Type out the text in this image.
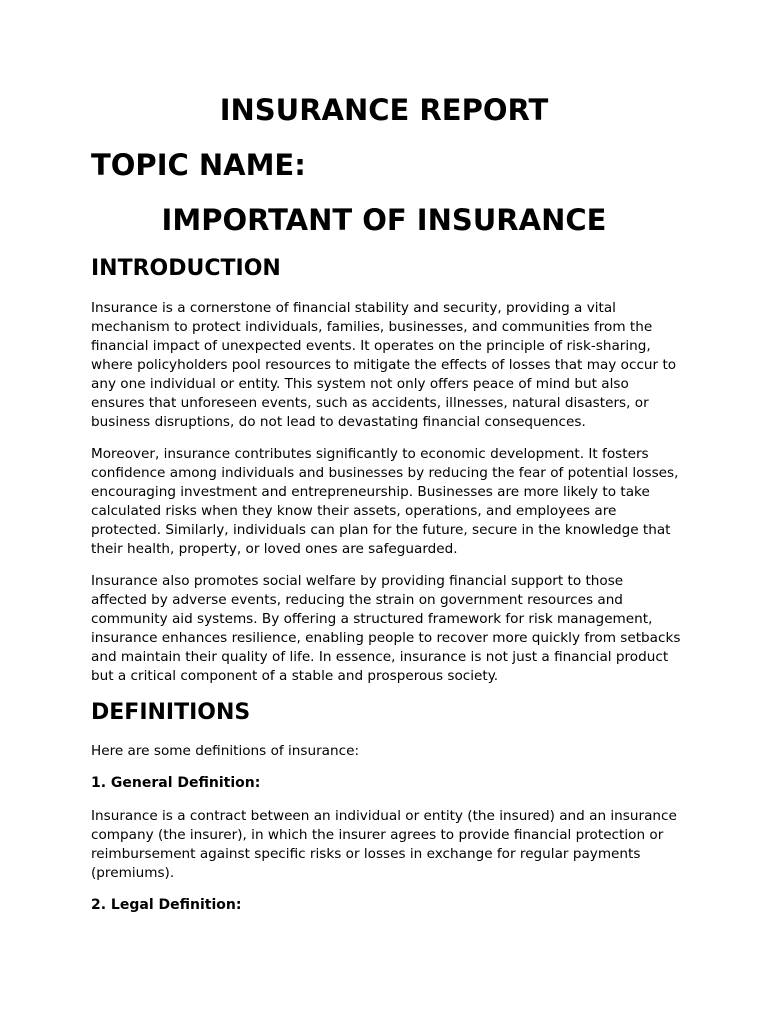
INSURANCE REPORT
TOPIC NAME:
IMPORTANT OF INSURANCE
INTRODUCTION

Insurance is a cornerstone of financial stability and security, providing a vital mechanism to protect individuals, families, businesses, and communities from the financial impact of unexpected events. It operates on the principle of risk-sharing, where policyholders pool resources to mitigate the effects of losses that may occur to any one individual or entity. This system not only offers peace of mind but also ensures that unforeseen events, such as accidents, illnesses, natural disasters, or business disruptions, do not lead to devastating financial consequences.

Moreover, insurance contributes significantly to economic development. It fosters confidence among individuals and businesses by reducing the fear of potential losses, encouraging investment and entrepreneurship. Businesses are more likely to take calculated risks when they know their assets, operations, and employees are protected. Similarly, individuals can plan for the future, secure in the knowledge that their health, property, or loved ones are safeguarded.

Insurance also promotes social welfare by providing financial support to those affected by adverse events, reducing the strain on government resources and community aid systems. By offering a structured framework for risk management, insurance enhances resilience, enabling people to recover more quickly from setbacks and maintain their quality of life. In essence, insurance is not just a financial product but a critical component of a stable and prosperous society.

DEFINITIONS

Here are some definitions of insurance:

1. General Definition:

Insurance is a contract between an individual or entity (the insured) and an insurance company (the insurer), in which the insurer agrees to provide financial protection or reimbursement against specific risks or losses in exchange for regular payments (premiums).

2. Legal Definition:
